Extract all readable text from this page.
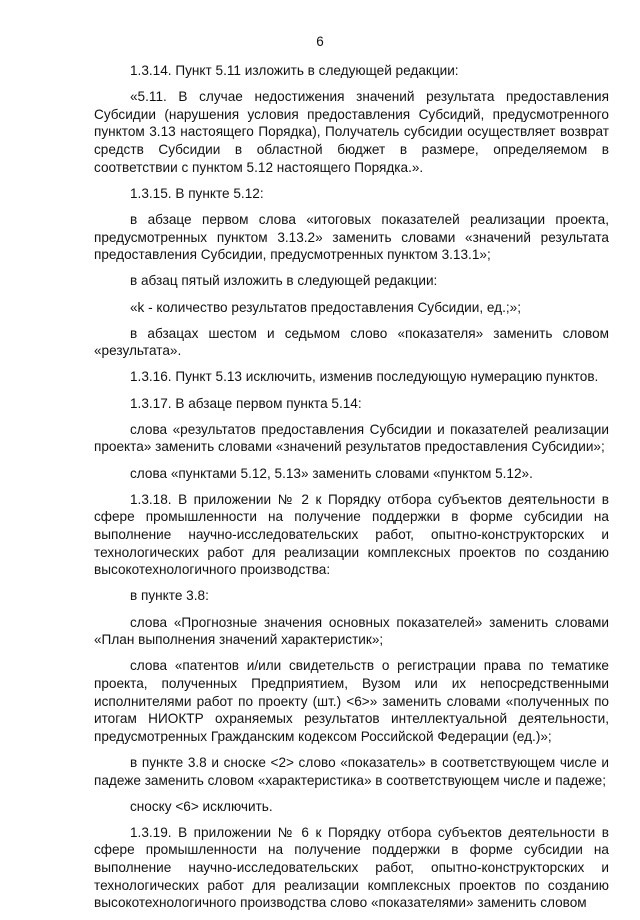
6

1.3.14. Пункт 5.11 изложить в следующей редакции:

«5.11. В случае недостижения значений результата предоставления Субсидии (нарушения условия предоставления Субсидий, предусмотренного пунктом 3.13 настоящего Порядка), Получатель субсидии осуществляет возврат средств Субсидии в областной бюджет в размере, определяемом в соответствии с пунктом 5.12 настоящего Порядка.».

1.3.15. В пункте 5.12:

в абзаце первом слова «итоговых показателей реализации проекта, предусмотренных пунктом 3.13.2» заменить словами «значений результата предоставления Субсидии, предусмотренных пунктом 3.13.1»;

в абзац пятый изложить в следующей редакции:

«k - количество результатов предоставления Субсидии, ед.;»;

в абзацах шестом и седьмом слово «показателя» заменить словом «результата».

1.3.16. Пункт 5.13 исключить, изменив последующую нумерацию пунктов.

1.3.17. В абзаце первом пункта 5.14:

слова «результатов предоставления Субсидии и показателей реализации проекта» заменить словами «значений результатов предоставления Субсидии»;

слова «пунктами 5.12, 5.13» заменить словами «пунктом 5.12».

1.3.18. В приложении № 2 к Порядку отбора субъектов деятельности в сфере промышленности на получение поддержки в форме субсидии на выполнение научно-исследовательских работ, опытно-конструкторских и технологических работ для реализации комплексных проектов по созданию высокотехнологичного производства:

в пункте 3.8:

слова «Прогнозные значения основных показателей» заменить словами «План выполнения значений характеристик»;

слова «патентов и/или свидетельств о регистрации права по тематике проекта, полученных Предприятием, Вузом или их непосредственными исполнителями работ по проекту (шт.) <6>» заменить словами «полученных по итогам НИОКТР охраняемых результатов интеллектуальной деятельности, предусмотренных Гражданским кодексом Российской Федерации (ед.)»;

в пункте 3.8 и сноске <2> слово «показатель» в соответствующем числе и падеже заменить словом «характеристика» в соответствующем числе и падеже;

сноску <6> исключить.

1.3.19. В приложении № 6 к Порядку отбора субъектов деятельности в сфере промышленности на получение поддержки в форме субсидии на выполнение научно-исследовательских работ, опытно-конструкторских и технологических работ для реализации комплексных проектов по созданию высокотехнологичного производства слово «показателями» заменить словом
